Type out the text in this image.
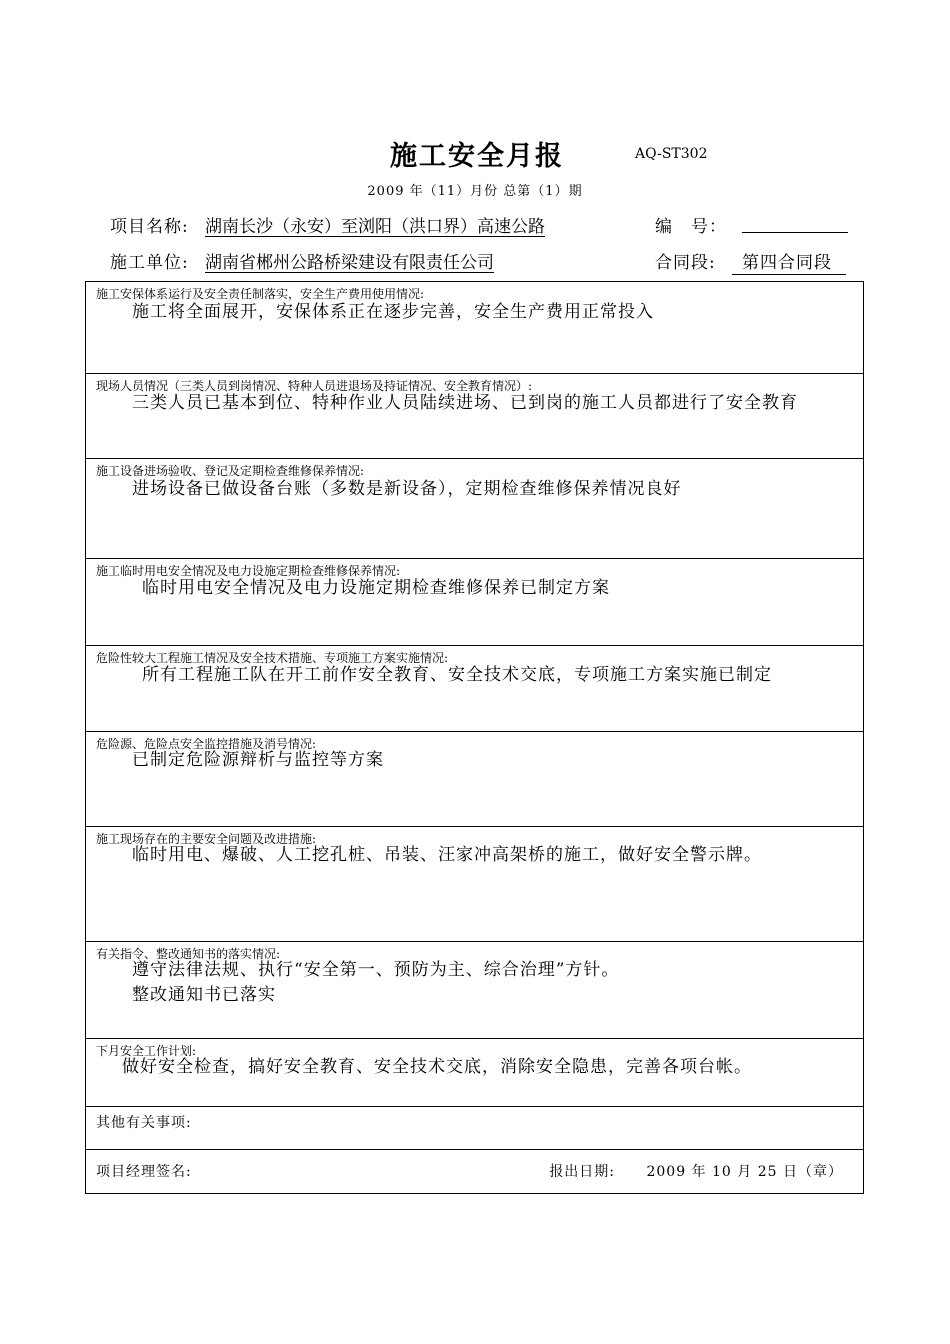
施工安全月报	AQ-ST302
2009 年（11）月份 总第（1）期
项目名称: 湖南长沙（永安）至浏阳（洪口界）高速公路	编　号：
施工单位: 湖南省郴州公路桥梁建设有限责任公司	合同段:	第四合同段
施工安保体系运行及安全责任制落实，安全生产费用使用情况:
施工将全面展开，安保体系正在逐步完善，安全生产费用正常投入
现场人员情况（三类人员到岗情况、特种人员进退场及持证情况、安全教育情况）:
三类人员已基本到位、特种作业人员陆续进场、已到岗的施工人员都进行了安全教育
施工设备进场验收、登记及定期检查维修保养情况:
进场设备已做设备台账（多数是新设备），定期检查维修保养情况良好
施工临时用电安全情况及电力设施定期检查维修保养情况:
临时用电安全情况及电力设施定期检查维修保养已制定方案
危险性较大工程施工情况及安全技术措施、专项施工方案实施情况:
所有工程施工队在开工前作安全教育、安全技术交底，专项施工方案实施已制定
危险源、危险点安全监控措施及消号情况:
已制定危险源辩析与监控等方案
施工现场存在的主要安全问题及改进措施:
临时用电、爆破、人工挖孔桩、吊装、汪家冲高架桥的施工，做好安全警示牌。
有关指令、整改通知书的落实情况:
遵守法律法规、执行“安全第一、预防为主、综合治理”方针。
整改通知书已落实
下月安全工作计划:
做好安全检查，搞好安全教育、安全技术交底，消除安全隐患，完善各项台帐。
其他有关事项:
项目经理签名:	报出日期: 2009 年 10 月 25 日（章）
